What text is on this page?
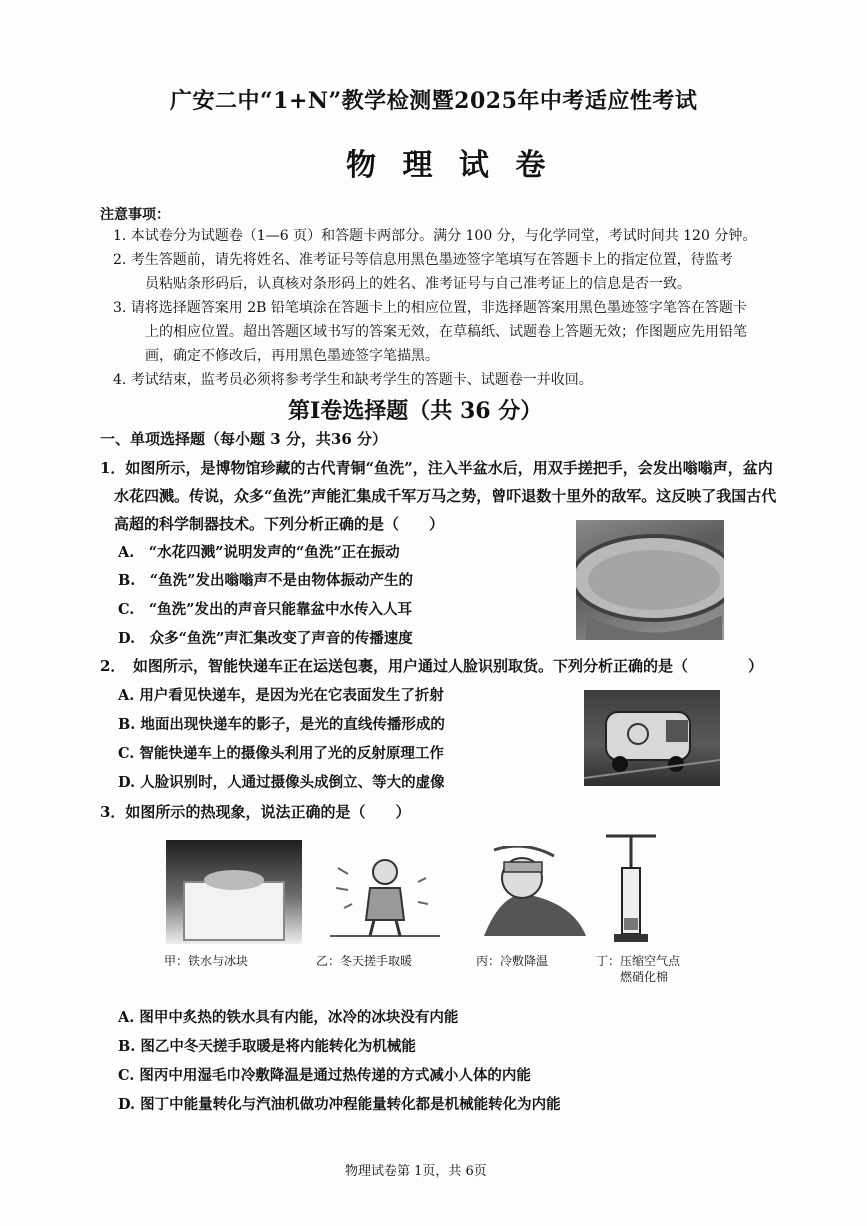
广安二中“1+N”教学检测暨2025年中考适应性考试
物 理 试 卷
注意事项：
1. 本试卷分为试题卷（1—6 页）和答题卡两部分。满分 100 分，与化学同堂，考试时间共 120 分钟。
2. 考生答题前，请先将姓名、准考证号等信息用黑色墨迹签字笔填写在答题卡上的指定位置，待监考
员粘贴条形码后，认真核对条形码上的姓名、准考证号与自己准考证上的信息是否一致。
3. 请将选择题答案用 2B 铅笔填涂在答题卡上的相应位置，非选择题答案用黑色墨迹签字笔答在答题卡
上的相应位置。超出答题区域书写的答案无效，在草稿纸、试题卷上答题无效；作图题应先用铅笔
画，确定不修改后，再用黑色墨迹签字笔描黑。
4. 考试结束，监考员必须将参考学生和缺考学生的答题卡、试题卷一并收回。
第Ⅰ卷选择题（共 36 分）
一、单项选择题（每小题 3 分，共36 分）
1．如图所示，是博物馆珍藏的古代青铜“鱼洗”，注入半盆水后，用双手搓把手，会发出嗡嗡声，盆内
水花四溅。传说，众多“鱼洗”声能汇集成千军万马之势，曾吓退数十里外的敌军。这反映了我国古代
高超的科学制器技术。下列分析正确的是（　　）
A.　“水花四溅”说明发声的“鱼洗”正在振动
B.　“鱼洗”发出嗡嗡声不是由物体振动产生的
C.　“鱼洗”发出的声音只能靠盆中水传入人耳
D.　众多“鱼洗”声汇集改变了声音的传播速度
2．　如图所示，智能快递车正在运送包裹，用户通过人脸识别取货。下列分析正确的是（　　　　）
A. 用户看见快递车，是因为光在它表面发生了折射
B. 地面出现快递车的影子，是光的直线传播形成的
C. 智能快递车上的摄像头利用了光的反射原理工作
D. 人脸识别时，人通过摄像头成倒立、等大的虚像
3．如图所示的热现象，说法正确的是（　　）
甲：铁水与冰块	乙：冬天搓手取暖	丙：冷敷降温	丁：压缩空气点
燃硝化棉
A. 图甲中炙热的铁水具有内能，冰冷的冰块没有内能
B. 图乙中冬天搓手取暖是将内能转化为机械能
C. 图丙中用湿毛巾冷敷降温是通过热传递的方式减小人体的内能
D. 图丁中能量转化与汽油机做功冲程能量转化都是机械能转化为内能
物理试卷第 1页，共 6页
